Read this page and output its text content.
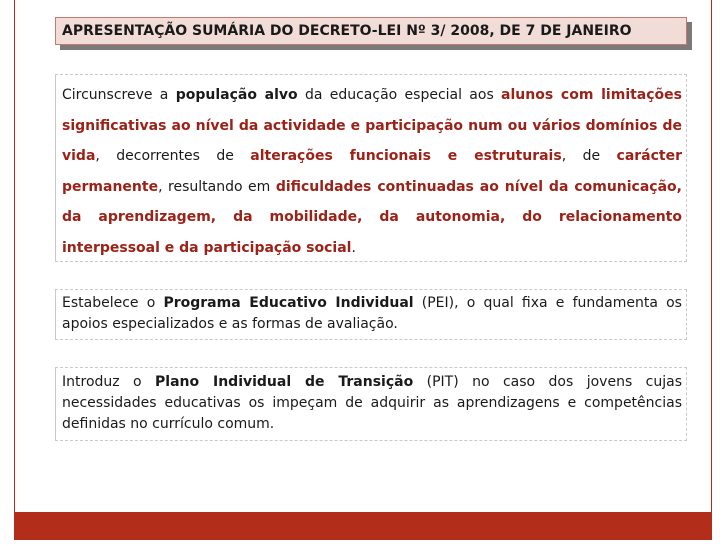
APRESENTAÇÃO SUMÁRIA DO DECRETO-LEI Nº 3/ 2008, DE 7 DE JANEIRO
Circunscreve a população alvo da educação especial aos alunos com limitações significativas ao nível da actividade e participação num ou vários domínios de vida, decorrentes de alterações funcionais e estruturais, de carácter permanente, resultando em dificuldades continuadas ao nível da comunicação, da aprendizagem, da mobilidade, da autonomia, do relacionamento interpessoal e da participação social.
Estabelece o Programa Educativo Individual (PEI), o qual fixa e fundamenta os apoios especializados e as formas de avaliação.
Introduz o Plano Individual de Transição (PIT) no caso dos jovens cujas necessidades educativas os impeçam de adquirir as aprendizagens e competências definidas no currículo comum.
